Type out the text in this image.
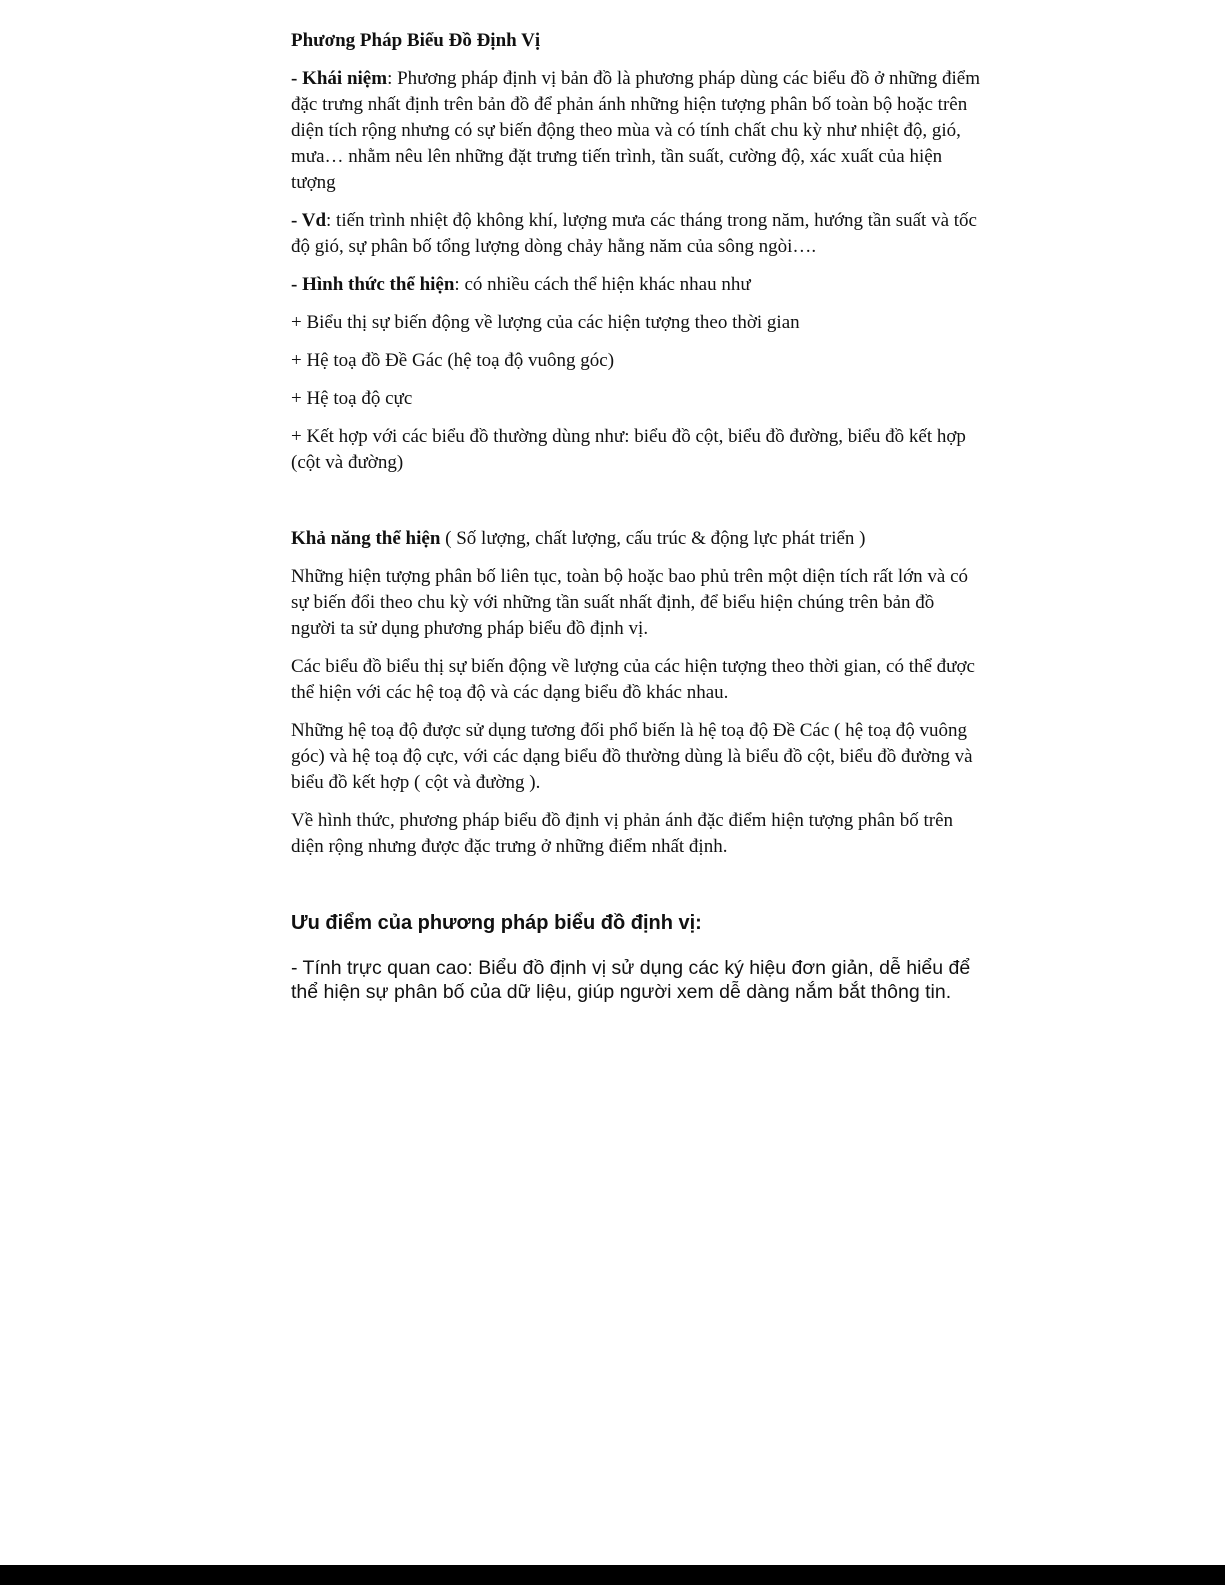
Phương Pháp Biểu Đồ Định Vị

- Khái niệm: Phương pháp định vị bản đồ là phương pháp dùng các biểu đồ ở những điểm đặc trưng nhất định trên bản đồ để phản ánh những hiện tượng phân bố toàn bộ hoặc trên diện tích rộng nhưng có sự biến động theo mùa và có tính chất chu kỳ như nhiệt độ, gió, mưa… nhằm nêu lên những đặt trưng tiến trình, tần suất, cường độ, xác xuất của hiện tượng

- Vd: tiến trình nhiệt độ không khí, lượng mưa các tháng trong năm, hướng tần suất và tốc độ gió, sự phân bố tổng lượng dòng chảy hằng năm của sông ngòi….

- Hình thức thể hiện: có nhiều cách thể hiện khác nhau như

+ Biểu thị sự biến động về lượng của các hiện tượng theo thời gian

+ Hệ toạ đồ Đề Gác (hệ toạ độ vuông góc)

+ Hệ toạ độ cực

+ Kết hợp với các biểu đồ thường dùng như: biểu đồ cột, biểu đồ đường, biểu đồ kết hợp (cột và đường)

Khả năng thể hiện ( Số lượng, chất lượng, cấu trúc & động lực phát triển )

Những hiện tượng phân bố liên tục, toàn bộ hoặc bao phủ trên một diện tích rất lớn và có sự biến đổi theo chu kỳ với những tần suất nhất định, để biểu hiện chúng trên bản đồ người ta sử dụng phương pháp biểu đồ định vị.

Các biểu đồ biểu thị sự biến động về lượng của các hiện tượng theo thời gian, có thể được thể hiện với các hệ toạ độ và các dạng biểu đồ khác nhau.

Những hệ toạ độ được sử dụng tương đối phổ biến là hệ toạ độ Đề Các ( hệ toạ độ vuông góc) và hệ toạ độ cực, với các dạng biểu đồ thường dùng là biểu đồ cột, biểu đồ đường và biểu đồ kết hợp ( cột và đường ).

Về hình thức, phương pháp biểu đồ định vị phản ánh đặc điểm hiện tượng phân bố trên diện rộng nhưng được đặc trưng ở những điểm nhất định.

Ưu điểm của phương pháp biểu đồ định vị:

- Tính trực quan cao: Biểu đồ định vị sử dụng các ký hiệu đơn giản, dễ hiểu để thể hiện sự phân bố của dữ liệu, giúp người xem dễ dàng nắm bắt thông tin.
